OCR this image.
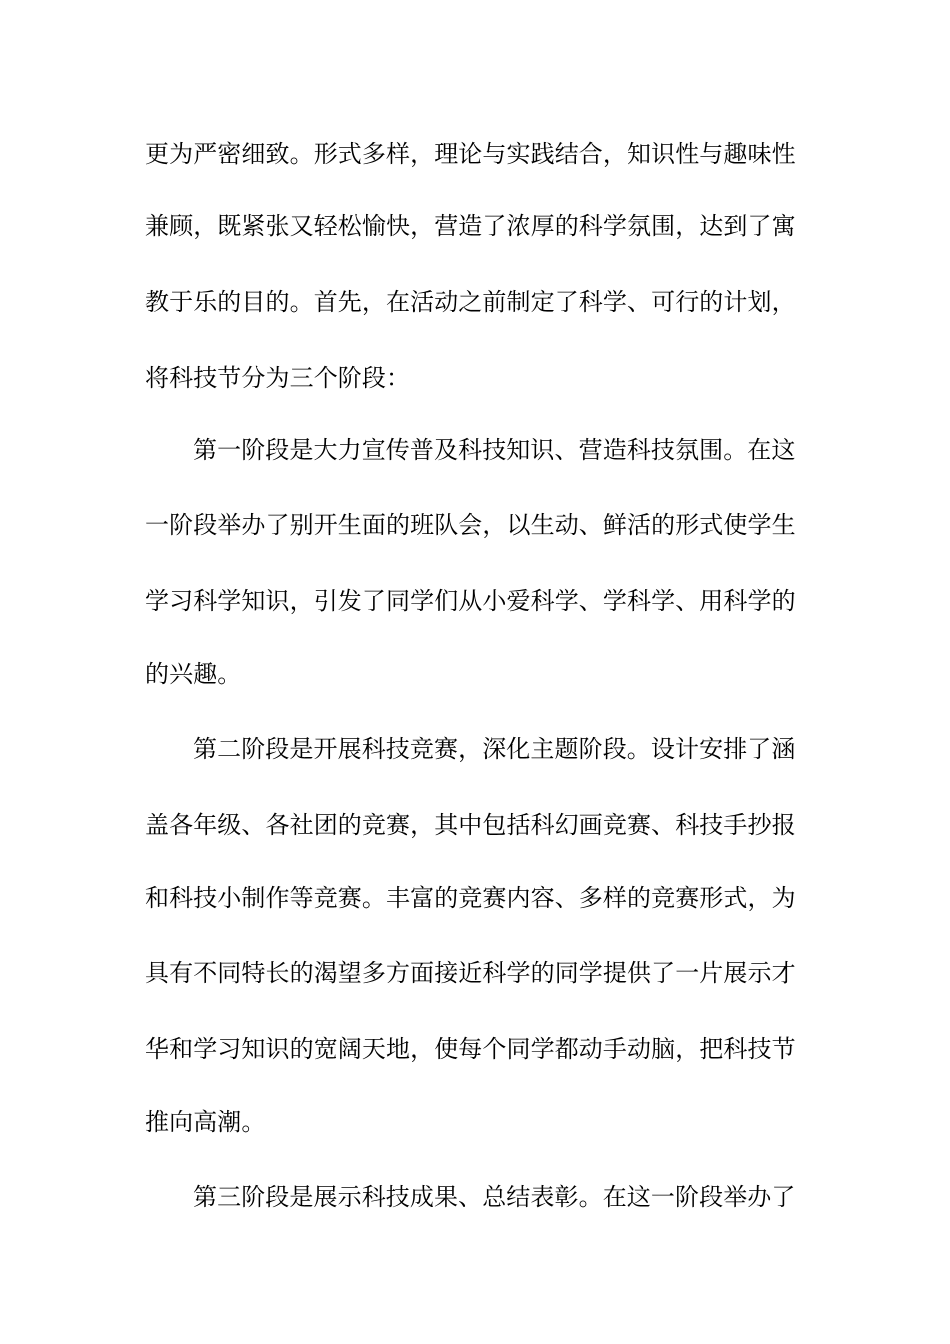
更为严密细致。形式多样，理论与实践结合，知识性与趣味性
兼顾，既紧张又轻松愉快，营造了浓厚的科学氛围，达到了寓
教于乐的目的。首先，在活动之前制定了科学、可行的计划，
将科技节分为三个阶段：
第一阶段是大力宣传普及科技知识、营造科技氛围。在这
一阶段举办了别开生面的班队会，以生动、鲜活的形式使学生
学习科学知识，引发了同学们从小爱科学、学科学、用科学的
的兴趣。
第二阶段是开展科技竞赛，深化主题阶段。设计安排了涵
盖各年级、各社团的竞赛，其中包括科幻画竞赛、科技手抄报
和科技小制作等竞赛。丰富的竞赛内容、多样的竞赛形式，为
具有不同特长的渴望多方面接近科学的同学提供了一片展示才
华和学习知识的宽阔天地，使每个同学都动手动脑，把科技节
推向高潮。
第三阶段是展示科技成果、总结表彰。在这一阶段举办了
